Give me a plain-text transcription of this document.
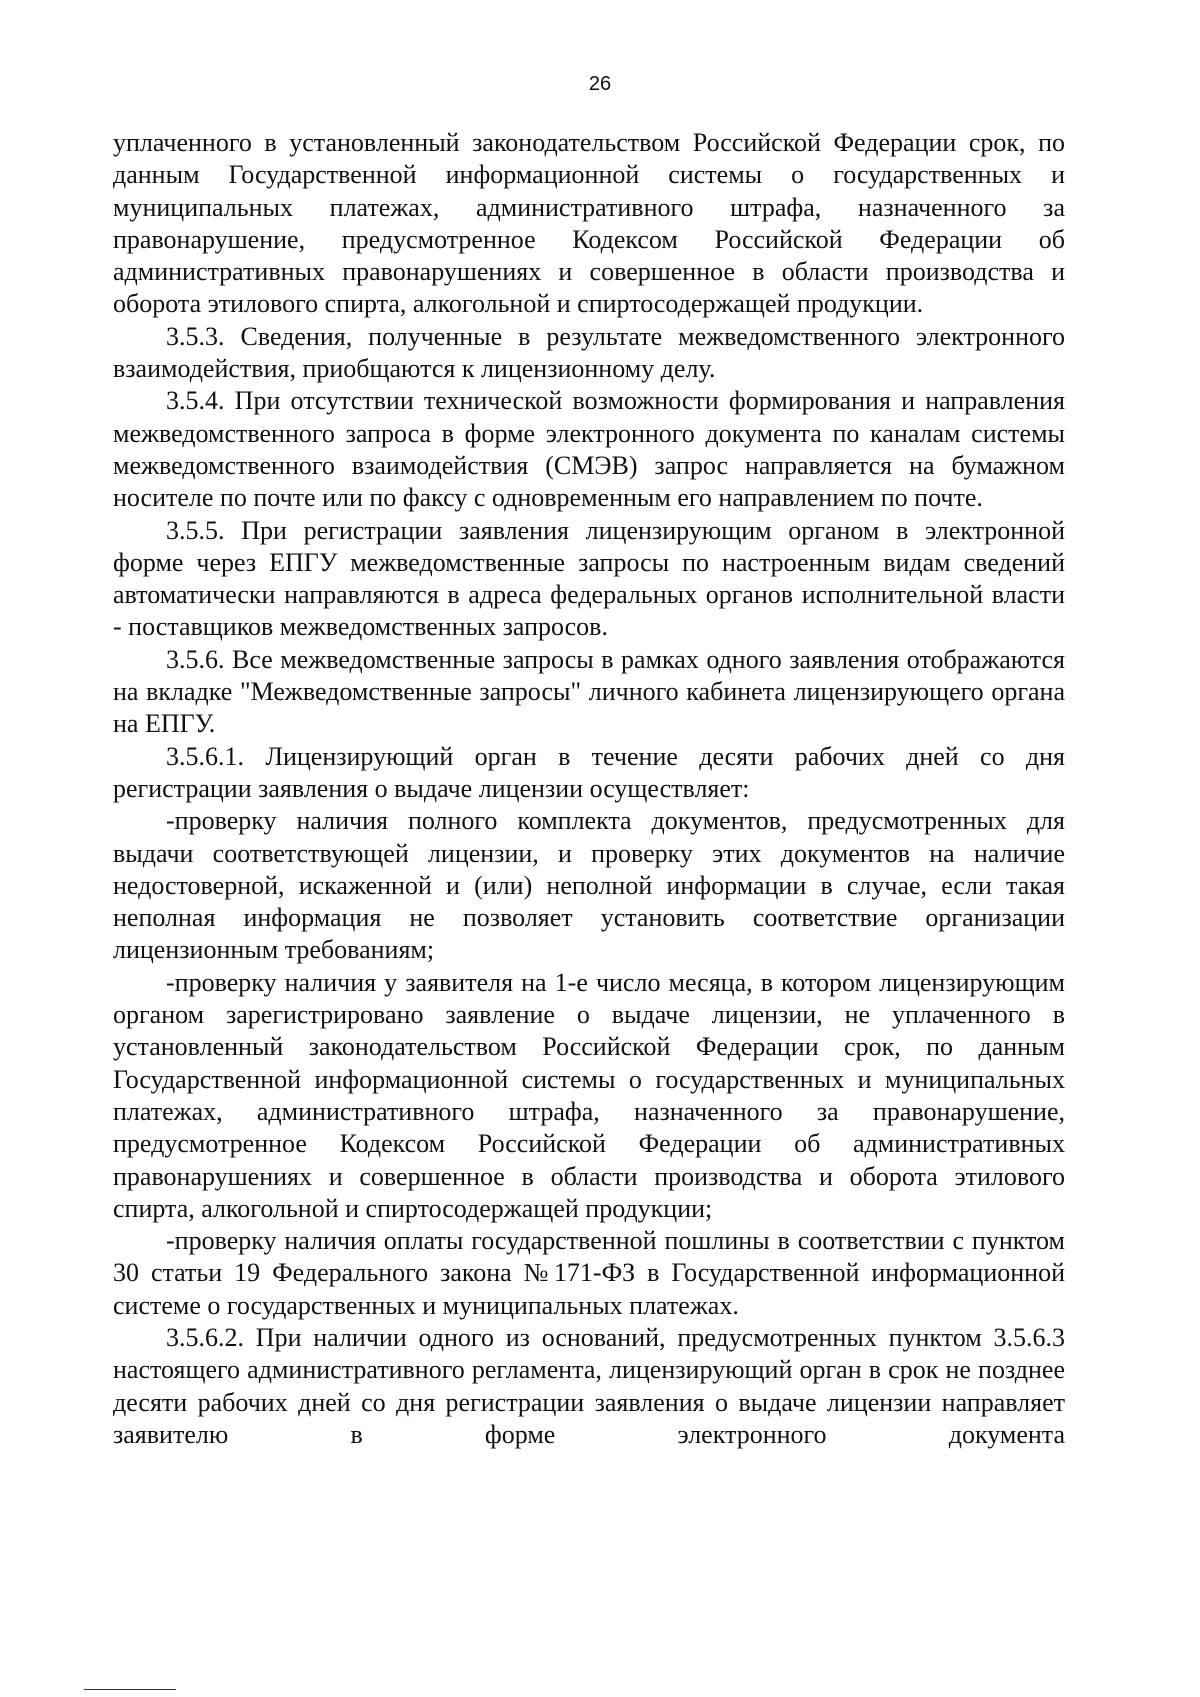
26

уплаченного в установленный законодательством Российской Федерации срок, по данным Государственной информационной системы о государственных и муниципальных платежах, административного штрафа, назначенного за правонарушение, предусмотренное Кодексом Российской Федерации об административных правонарушениях и совершенное в области производства и оборота этилового спирта, алкогольной и спиртосодержащей продукции.

3.5.3. Сведения, полученные в результате межведомственного электронного взаимодействия, приобщаются к лицензионному делу.

3.5.4. При отсутствии технической возможности формирования и направления межведомственного запроса в форме электронного документа по каналам системы межведомственного взаимодействия (СМЭВ) запрос направляется на бумажном носителе по почте или по факсу с одновременным его направлением по почте.

3.5.5. При регистрации заявления лицензирующим органом в электронной форме через ЕПГУ межведомственные запросы по настроенным видам сведений автоматически направляются в адреса федеральных органов исполнительной власти - поставщиков межведомственных запросов.

3.5.6. Все межведомственные запросы в рамках одного заявления отображаются на вкладке "Межведомственные запросы" личного кабинета лицензирующего органа на ЕПГУ.

3.5.6.1. Лицензирующий орган в течение десяти рабочих дней со дня регистрации заявления о выдаче лицензии осуществляет:

-проверку наличия полного комплекта документов, предусмотренных для выдачи соответствующей лицензии, и проверку этих документов на наличие недостоверной, искаженной и (или) неполной информации в случае, если такая неполная информация не позволяет установить соответствие организации лицензионным требованиям;

-проверку наличия у заявителя на 1-е число месяца, в котором лицензирующим органом зарегистрировано заявление о выдаче лицензии, не уплаченного в установленный законодательством Российской Федерации срок, по данным Государственной информационной системы о государственных и муниципальных платежах, административного штрафа, назначенного за правонарушение, предусмотренное Кодексом Российской Федерации об административных правонарушениях и совершенное в области производства и оборота этилового спирта, алкогольной и спиртосодержащей продукции;

-проверку наличия оплаты государственной пошлины в соответствии с пунктом 30 статьи 19 Федерального закона №171-ФЗ в Государственной информационной системе о государственных и муниципальных платежах.

3.5.6.2. При наличии одного из оснований, предусмотренных пунктом 3.5.6.3 настоящего административного регламента, лицензирующий орган в срок не позднее десяти рабочих дней со дня регистрации заявления о выдаче лицензии направляет заявителю в форме электронного документа
